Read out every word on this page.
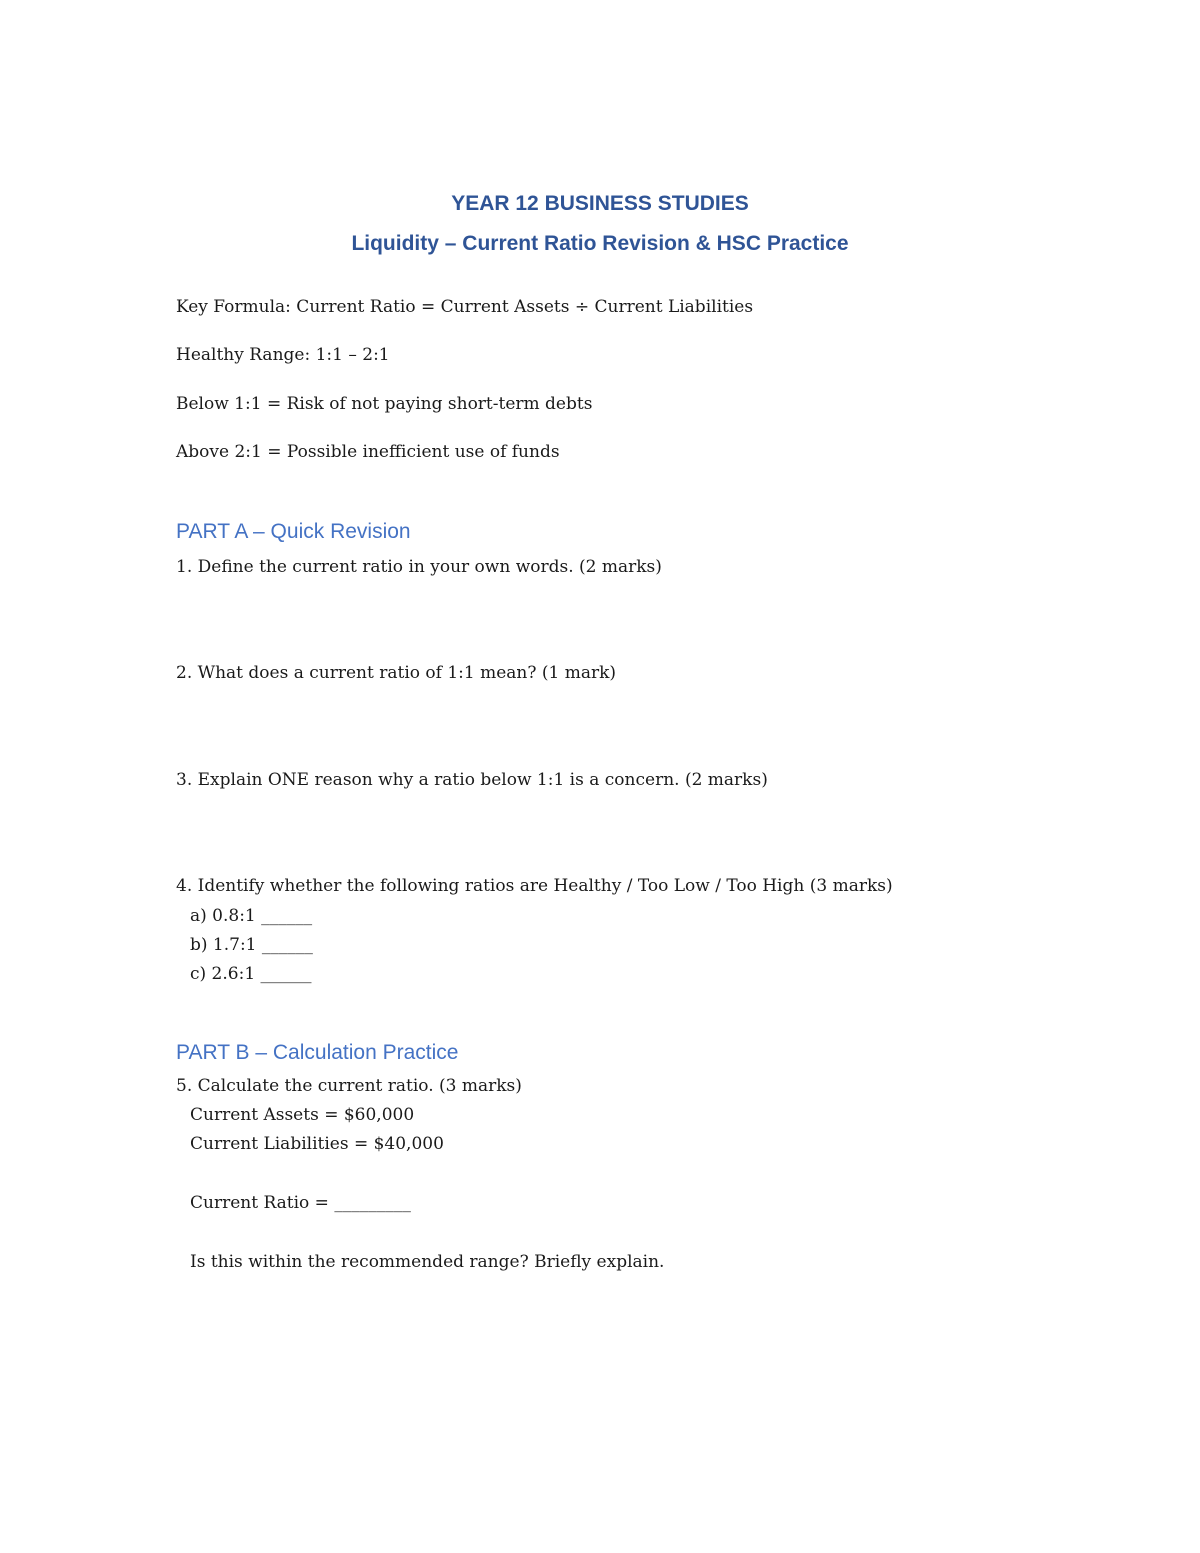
YEAR 12 BUSINESS STUDIES
Liquidity – Current Ratio Revision & HSC Practice
Key Formula: Current Ratio = Current Assets ÷ Current Liabilities
Healthy Range: 1:1 – 2:1
Below 1:1 = Risk of not paying short-term debts
Above 2:1 = Possible inefficient use of funds
PART A – Quick Revision
1. Define the current ratio in your own words. (2 marks)
2. What does a current ratio of 1:1 mean? (1 mark)
3. Explain ONE reason why a ratio below 1:1 is a concern. (2 marks)
4. Identify whether the following ratios are Healthy / Too Low / Too High (3 marks)
a) 0.8:1 ______
b) 1.7:1 ______
c) 2.6:1 ______
PART B – Calculation Practice
5. Calculate the current ratio. (3 marks)
Current Assets = $60,000
Current Liabilities = $40,000
Current Ratio = _________
Is this within the recommended range? Briefly explain.
